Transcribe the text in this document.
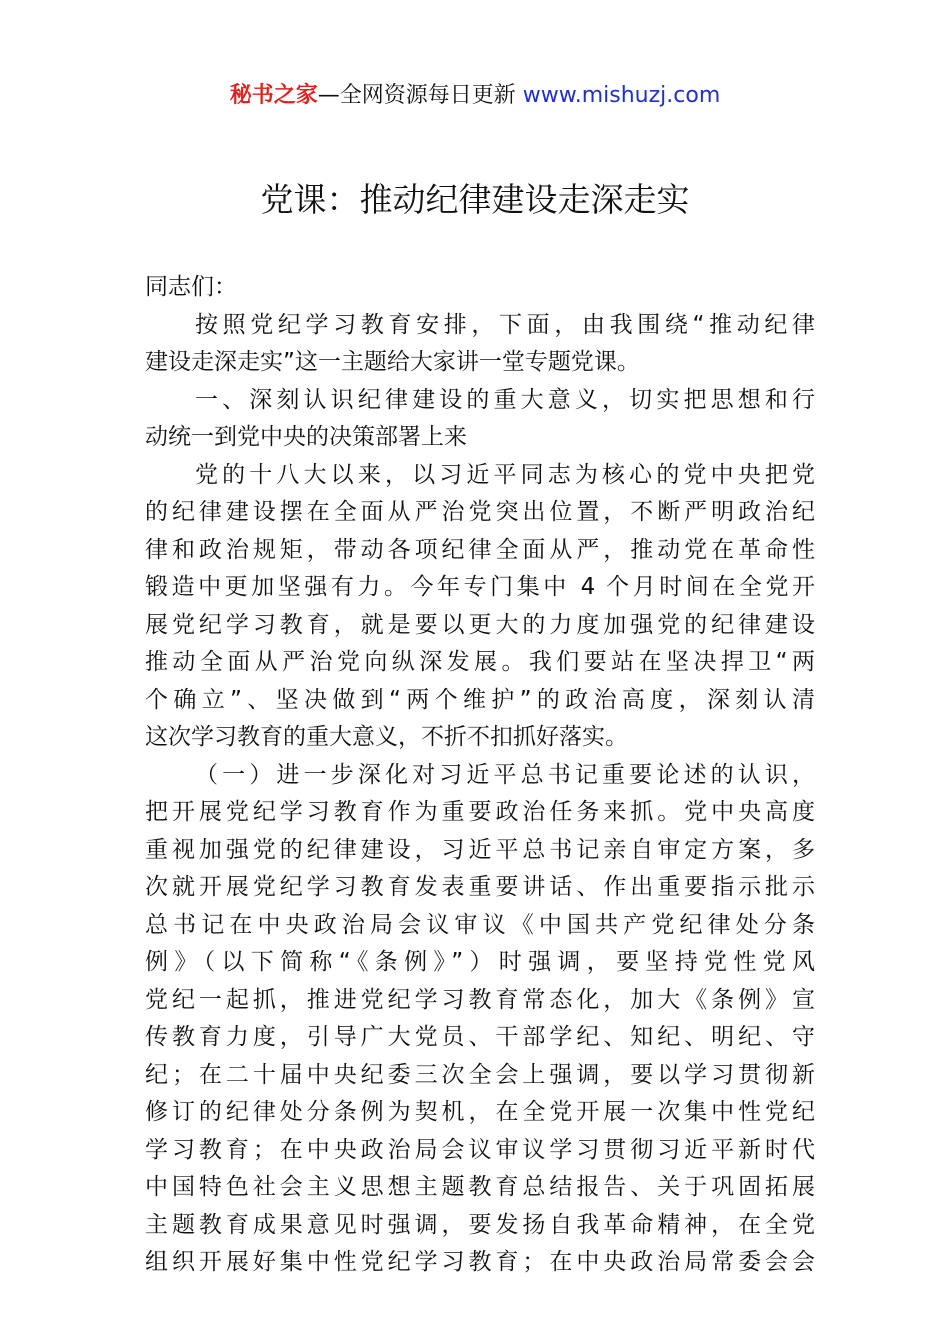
秘书之家—全网资源每日更新 www.mishuzj.com
党课：推动纪律建设走深走实
同志们：
按照党纪学习教育安排，下面，由我围绕“推动纪律
建设走深走实”这一主题给大家讲一堂专题党课。
一、深刻认识纪律建设的重大意义，切实把思想和行
动统一到党中央的决策部署上来
党的十八大以来，以习近平同志为核心的党中央把党
的纪律建设摆在全面从严治党突出位置，不断严明政治纪
律和政治规矩，带动各项纪律全面从严，推动党在革命性
锻造中更加坚强有力。今年专门集中 4 个月时间在全党开
展党纪学习教育，就是要以更大的力度加强党的纪律建设
推动全面从严治党向纵深发展。我们要站在坚决捍卫“两
个确立”、坚决做到“两个维护”的政治高度，深刻认清
这次学习教育的重大意义，不折不扣抓好落实。
（一）进一步深化对习近平总书记重要论述的认识，
把开展党纪学习教育作为重要政治任务来抓。党中央高度
重视加强党的纪律建设，习近平总书记亲自审定方案，多
次就开展党纪学习教育发表重要讲话、作出重要指示批示
总书记在中央政治局会议审议《中国共产党纪律处分条
例》（以下简称“《条例》”）时强调，要坚持党性党风
党纪一起抓，推进党纪学习教育常态化，加大《条例》宣
传教育力度，引导广大党员、干部学纪、知纪、明纪、守
纪；在二十届中央纪委三次全会上强调，要以学习贯彻新
修订的纪律处分条例为契机，在全党开展一次集中性党纪
学习教育；在中央政治局会议审议学习贯彻习近平新时代
中国特色社会主义思想主题教育总结报告、关于巩固拓展
主题教育成果意见时强调，要发扬自我革命精神，在全党
组织开展好集中性党纪学习教育；在中央政治局常委会会
